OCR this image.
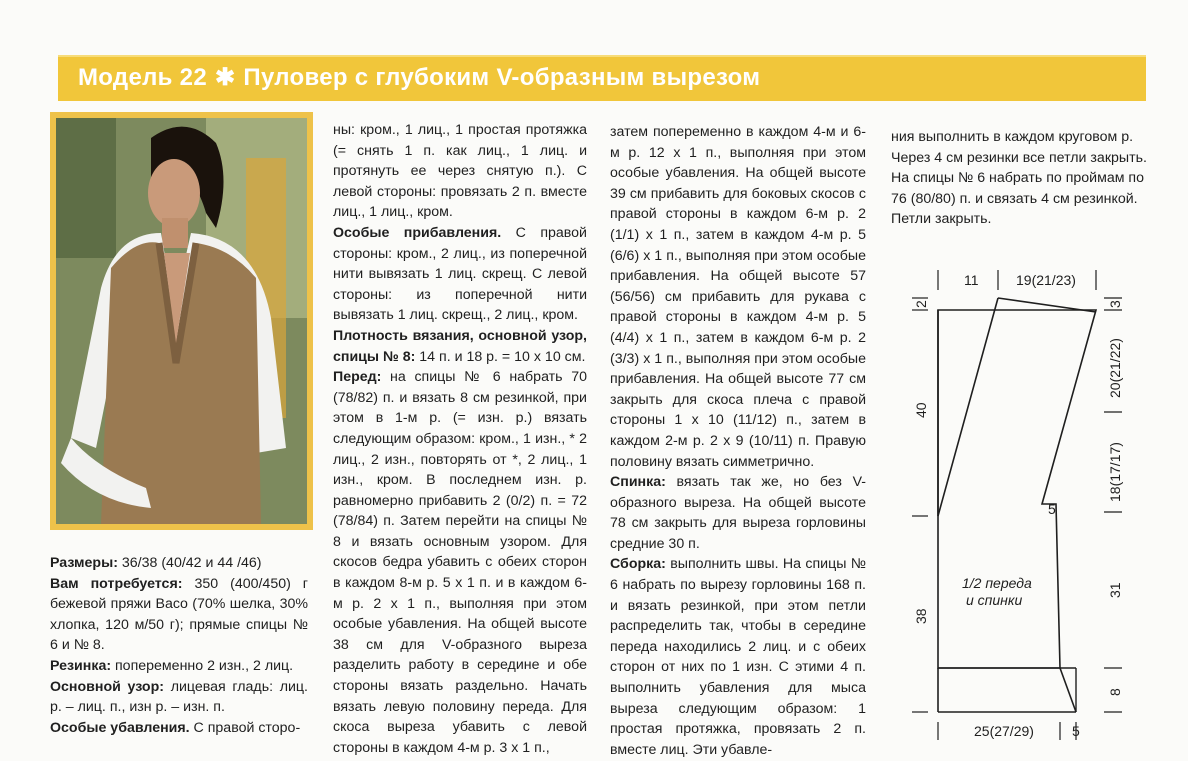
Модель 22 ✱ Пуловер с глубоким V-образным вырезом

Размеры: 36/38 (40/42 и 44 /46)

Вам потребуется: 350 (400/450) г бежевой пряжи Baco (70% шелка, 30% хлопка, 120 м/50 г); прямые спицы № 6 и № 8.

Резинка: попеременно 2 изн., 2 лиц.

Основной узор: лицевая гладь: лиц. р. – лиц. п., изн р. – изн. п.

Особые убавления. С правой сторо-

ны: кром., 1 лиц., 1 простая протяжка (= снять 1 п. как лиц., 1 лиц. и протянуть ее через снятую п.). С левой стороны: провязать 2 п. вместе лиц., 1 лиц., кром.

Особые прибавления. С правой стороны: кром., 2 лиц., из поперечной нити вывязать 1 лиц. скрещ. С левой стороны: из поперечной нити вывязать 1 лиц. скрещ., 2 лиц., кром.

Плотность вязания, основной узор, спицы № 8: 14 п. и 18 р. = 10 х 10 см.

Перед: на спицы № 6 набрать 70 (78/82) п. и вязать 8 см резинкой, при этом в 1-м р. (= изн. р.) вязать следующим образом: кром., 1 изн., * 2 лиц., 2 изн., повторять от *, 2 лиц., 1 изн., кром. В последнем изн. р. равномерно прибавить 2 (0/2) п. = 72 (78/84) п. Затем перейти на спицы № 8 и вязать основным узором. Для скосов бедра убавить с обеих сторон в каждом 8-м р. 5 х 1 п. и в каждом 6-м р. 2 х 1 п., выполняя при этом особые убавления. На общей высоте 38 см для V-образного выреза разделить работу в середине и обе стороны вязать раздельно. Начать вязать левую половину переда. Для скоса выреза убавить с левой стороны в каждом 4-м р. 3 х 1 п.,

затем попеременно в каждом 4-м и 6-м р. 12 х 1 п., выполняя при этом особые убавления. На общей высоте 39 см прибавить для боковых скосов с правой стороны в каждом 6-м р. 2 (1/1) х 1 п., затем в каждом 4-м р. 5 (6/6) х 1 п., выполняя при этом особые прибавления. На общей высоте 57 (56/56) см прибавить для рукава с правой стороны в каждом 4-м р. 5 (4/4) х 1 п., затем в каждом 6-м р. 2 (3/3) х 1 п., выполняя при этом особые прибавления. На общей высоте 77 см закрыть для скоса плеча с правой стороны 1 х 10 (11/12) п., затем в каждом 2-м р. 2 х 9 (10/11) п. Правую половину вязать симметрично.

Спинка: вязать так же, но без V-образного выреза. На общей высоте 78 см закрыть для выреза горловины средние 30 п.

Сборка: выполнить швы. На спицы № 6 набрать по вырезу горловины 168 п. и вязать резинкой, при этом петли распределить так, чтобы в середине переда находились 2 лиц. и с обеих сторон от них по 1 изн. С этими 4 п. выполнить убавления для мыса выреза следующим образом: 1 простая протяжка, провязать 2 п. вместе лиц. Эти убавле-

ния выполнить в каждом круговом р. Через 4 см резинки все петли закрыть. На спицы № 6 набрать по проймам по 76 (80/80) п. и связать 4 см резинкой. Петли закрыть.

11	19(21/23)
2
40
38
3
20(21/22)
18(17/17)
31
8
5
25(27/29)	5
1/2 переда
и спинки
